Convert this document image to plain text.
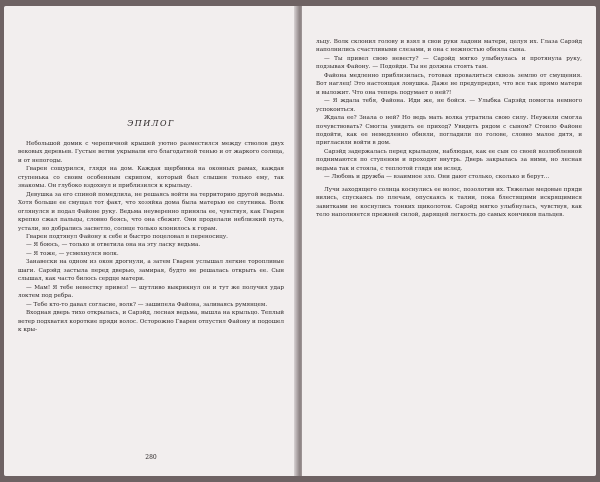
ЭПИЛОГ

Небольшой домик с черепичной крышей уютно разместился между стволов двух вековых деревьев. Густые ветви укрывали его благодатной тенью и от жаркого солнца, и от непогоды.

Гварен сощурился, глядя на дом. Каждая щербинка на оконных рамах, каждая ступенька со своим особенным скрипом, который был слышен только ему, так знакомы. Он глубоко вздохнул и приблизился к крыльцу.

Девушка за его спиной помедлила, не решаясь войти на территорию другой ведьмы. Хотя больше ее смущал тот факт, что хозяйка дома была матерью ее спутника. Волк оглянулся и подал Файоне руку. Ведьма неуверенно приняла ее, чувствуя, как Гварен крепко сжал пальцы, словно боясь, что она сбежит. Они проделали неблизкий путь, устали, но добрались засветло, солнце только клонилось к горам.

Гварен подтянул Файону к себе и быстро поцеловал в переносицу.

— Я боюсь, — только и ответила она на эту ласку ведьма.

— Я тоже, — усмехнулся волк.

Занавески на одном из окон дрогнули, а затем Гварен услышал легкие торопливые шаги. Сарэйд застыла перед дверью, замирая, будто не решалась открыть ее. Сын слышал, как часто билось сердце матери.

— Мам! Я тебе невестку привез! — шутливо выкрикнул он и тут же получил удар локтем под ребра.

— Тебе кто-то давал согласие, волк? — зашипела Файона, заливаясь румянцем.

Входная дверь тихо открылась, и Сарэйд, лесная ведьма, вышла на крыльцо. Теплый ветер подхватил короткие пряди волос. Осторожно Гварен отпустил Файону и подошел к кры-

280

льцу. Волк склонил голову и взял в свои руки ладони матери, целуя их. Глаза Сарэйд наполнились счастливыми слезами, и она с нежностью обняла сына.

— Ты привел свою невесту? — Сарэйд мягко улыбнулась и протянула руку, подзывая Файону. — Подойди. Ты не должна стоять там.

Файона медленно приблизилась, готовая провалиться сквозь землю от смущения. Вот наглец! Это настоящая ловушка. Даже не предупредил, что все так прямо матери и выложит. Что она теперь подумает о ней?!

— Я ждала тебя, Файона. Иди же, не бойся. — Улыбка Сарэйд помогла немного успокоиться.

Ждала ее? Знала о ней? Но ведь мать волка утратила свою силу. Неужели смогла почувствовать? Смогла увидеть ее приход? Увидеть рядом с сыном? Стоило Файоне подойти, как ее немедленно обняли, погладили по голове, словно малое дитя, и пригласили войти в дом.

Сарэйд задержалась перед крыльцом, наблюдая, как ее сын со своей возлюбленной поднимаются по ступеням и проходят внутрь. Дверь закрылась за ними, но лесная ведьма так и стояла, с теплотой глядя им вслед.

— Любовь и дружба — взаимное зло. Они дают столько, сколько и берут...

Лучи заходящего солнца коснулись ее волос, позолотив их. Тяжелые медовые пряди вились, спускаясь по плечам, опускаясь к талии, пока блестящими искрящимися завитками не коснулись тонких щиколоток. Сарэйд мягко улыбнулась, чувствуя, как тело наполняется прежней силой, дарящей легкость до самых кончиков пальцев.
